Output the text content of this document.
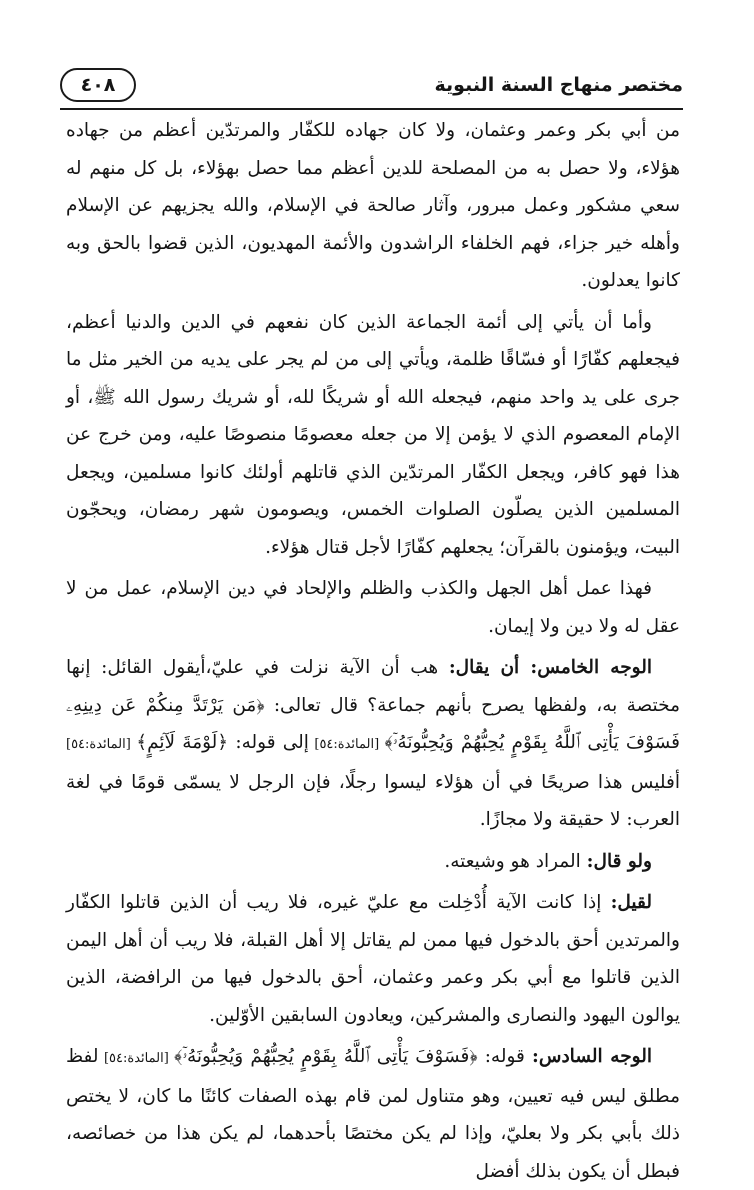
مختصر منهاج السنة النبوية
٤٠٨

من أبي بكر وعمر وعثمان، ولا كان جهاده للكفّار والمرتدّين أعظم من جهاده هؤلاء، ولا حصل به من المصلحة للدين أعظم مما حصل بهؤلاء، بل كل منهم له سعي مشكور وعمل مبرور، وآثار صالحة في الإسلام، والله يجزيهم عن الإسلام وأهله خير جزاء، فهم الخلفاء الراشدون والأئمة المهديون، الذين قضوا بالحق وبه كانوا يعدلون.

وأما أن يأتي إلى أئمة الجماعة الذين كان نفعهم في الدين والدنيا أعظم، فيجعلهم كفّارًا أو فسّاقًا ظلمة، ويأتي إلى من لم يجر على يديه من الخير مثل ما جرى على يد واحد منهم، فيجعله الله أو شريكًا لله، أو شريك رسول الله ﷺ، أو الإمام المعصوم الذي لا يؤمن إلا من جعله معصومًا منصوصًا عليه، ومن خرج عن هذا فهو كافر، ويجعل الكفّار المرتدّين الذي قاتلهم أولئك كانوا مسلمين، ويجعل المسلمين الذين يصلّون الصلوات الخمس، ويصومون شهر رمضان، ويحجّون البيت، ويؤمنون بالقرآن؛ يجعلهم كفّارًا لأجل قتال هؤلاء.

فهذا عمل أهل الجهل والكذب والظلم والإلحاد في دين الإسلام، عمل من لا عقل له ولا دين ولا إيمان.

الوجه الخامس: أن يقال: هب أن الآية نزلت في عليّ،أيقول القائل: إنها مختصة به، ولفظها يصرح بأنهم جماعة؟ قال تعالى: ﴿مَن يَرْتَدَّ مِنكُمْ عَن دِينِهِۦ فَسَوْفَ يَأْتِى ٱللَّهُ بِقَوْمٍ يُحِبُّهُمْ وَيُحِبُّونَهُۥٓ﴾ [المائدة:٥٤] إلى قوله: ﴿لَوْمَةَ لَآئِمٍ﴾ [المائدة:٥٤] أفليس هذا صريحًا في أن هؤلاء ليسوا رجلًا، فإن الرجل لا يسمّى قومًا في لغة العرب: لا حقيقة ولا مجازًا.

ولو قال: المراد هو وشيعته.

لقيل: إذا كانت الآية أُدْخِلت مع عليّ غيره، فلا ريب أن الذين قاتلوا الكفّار والمرتدين أحق بالدخول فيها ممن لم يقاتل إلا أهل القبلة، فلا ريب أن أهل اليمن الذين قاتلوا مع أبي بكر وعمر وعثمان، أحق بالدخول فيها من الرافضة، الذين يوالون اليهود والنصارى والمشركين، ويعادون السابقين الأوّلين.

الوجه السادس: قوله: ﴿فَسَوْفَ يَأْتِى ٱللَّهُ بِقَوْمٍ يُحِبُّهُمْ وَيُحِبُّونَهُۥٓ﴾ [المائدة:٥٤] لفظ مطلق ليس فيه تعيين، وهو متناول لمن قام بهذه الصفات كائنًا ما كان، لا يختص ذلك بأبي بكر ولا بعليّ، وإذا لم يكن مختصًا بأحدهما، لم يكن هذا من خصائصه، فبطل أن يكون بذلك أفضل
